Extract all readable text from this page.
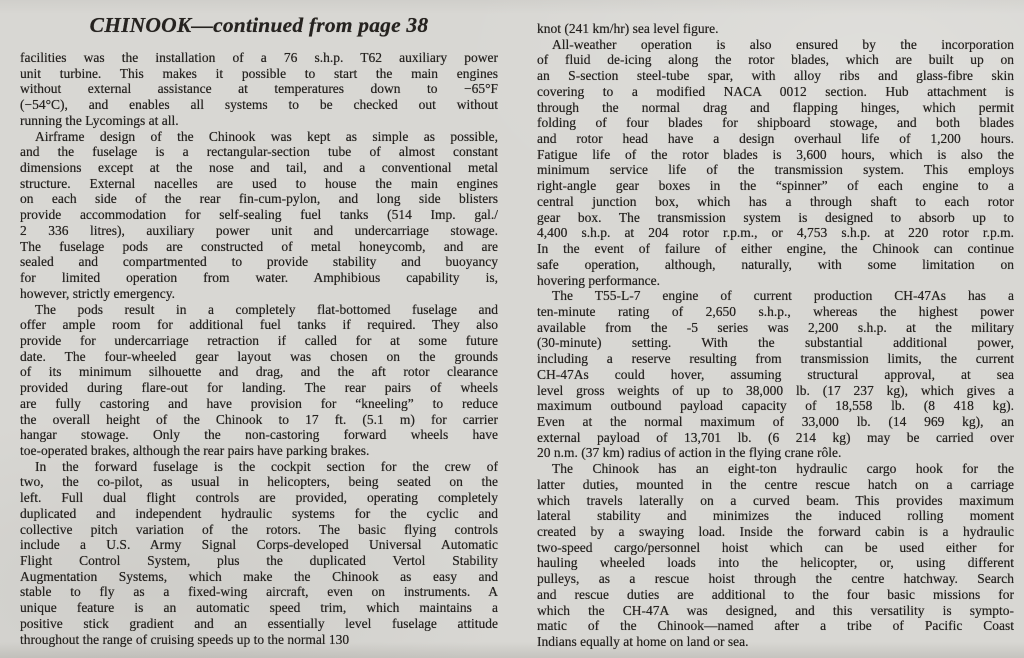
CHINOOK—continued from page 38
facilities was the installation of a 76 s.h.p. T62 auxiliary power
unit turbine. This makes it possible to start the main engines
without external assistance at temperatures down to −65°F
(−54°C), and enables all systems to be checked out without
running the Lycomings at all.
Airframe design of the Chinook was kept as simple as possible,
and the fuselage is a rectangular-section tube of almost constant
dimensions except at the nose and tail, and a conventional metal
structure. External nacelles are used to house the main engines
on each side of the rear fin-cum-pylon, and long side blisters
provide accommodation for self-sealing fuel tanks (514 Imp. gal./
2 336 litres), auxiliary power unit and undercarriage stowage.
The fuselage pods are constructed of metal honeycomb, and are
sealed and compartmented to provide stability and buoyancy
for limited operation from water. Amphibious capability is,
however, strictly emergency.
The pods result in a completely flat-bottomed fuselage and
offer ample room for additional fuel tanks if required. They also
provide for undercarriage retraction if called for at some future
date. The four-wheeled gear layout was chosen on the grounds
of its minimum silhouette and drag, and the aft rotor clearance
provided during flare-out for landing. The rear pairs of wheels
are fully castoring and have provision for “kneeling” to reduce
the overall height of the Chinook to 17 ft. (5.1 m) for carrier
hangar stowage. Only the non-castoring forward wheels have
toe-operated brakes, although the rear pairs have parking brakes.
In the forward fuselage is the cockpit section for the crew of
two, the co-pilot, as usual in helicopters, being seated on the
left. Full dual flight controls are provided, operating completely
duplicated and independent hydraulic systems for the cyclic and
collective pitch variation of the rotors. The basic flying controls
include a U.S. Army Signal Corps-developed Universal Automatic
Flight Control System, plus the duplicated Vertol Stability
Augmentation Systems, which make the Chinook as easy and
stable to fly as a fixed-wing aircraft, even on instruments. A
unique feature is an automatic speed trim, which maintains a
positive stick gradient and an essentially level fuselage attitude
throughout the range of cruising speeds up to the normal 130
knot (241 km/hr) sea level figure.
All-weather operation is also ensured by the incorporation
of fluid de-icing along the rotor blades, which are built up on
an S-section steel-tube spar, with alloy ribs and glass-fibre skin
covering to a modified NACA 0012 section. Hub attachment is
through the normal drag and flapping hinges, which permit
folding of four blades for shipboard stowage, and both blades
and rotor head have a design overhaul life of 1,200 hours.
Fatigue life of the rotor blades is 3,600 hours, which is also the
minimum service life of the transmission system. This employs
right-angle gear boxes in the “spinner” of each engine to a
central junction box, which has a through shaft to each rotor
gear box. The transmission system is designed to absorb up to
4,400 s.h.p. at 204 rotor r.p.m., or 4,753 s.h.p. at 220 rotor r.p.m.
In the event of failure of either engine, the Chinook can continue
safe operation, although, naturally, with some limitation on
hovering performance.
The T55-L-7 engine of current production CH-47As has a
ten-minute rating of 2,650 s.h.p., whereas the highest power
available from the -5 series was 2,200 s.h.p. at the military
(30-minute) setting. With the substantial additional power,
including a reserve resulting from transmission limits, the current
CH-47As could hover, assuming structural approval, at sea
level gross weights of up to 38,000 lb. (17 237 kg), which gives a
maximum outbound payload capacity of 18,558 lb. (8 418 kg).
Even at the normal maximum of 33,000 lb. (14 969 kg), an
external payload of 13,701 lb. (6 214 kg) may be carried over
20 n.m. (37 km) radius of action in the flying crane rôle.
The Chinook has an eight-ton hydraulic cargo hook for the
latter duties, mounted in the centre rescue hatch on a carriage
which travels laterally on a curved beam. This provides maximum
lateral stability and minimizes the induced rolling moment
created by a swaying load. Inside the forward cabin is a hydraulic
two-speed cargo/personnel hoist which can be used either for
hauling wheeled loads into the helicopter, or, using different
pulleys, as a rescue hoist through the centre hatchway. Search
and rescue duties are additional to the four basic missions for
which the CH-47A was designed, and this versatility is sympto-
matic of the Chinook—named after a tribe of Pacific Coast
Indians equally at home on land or sea.
